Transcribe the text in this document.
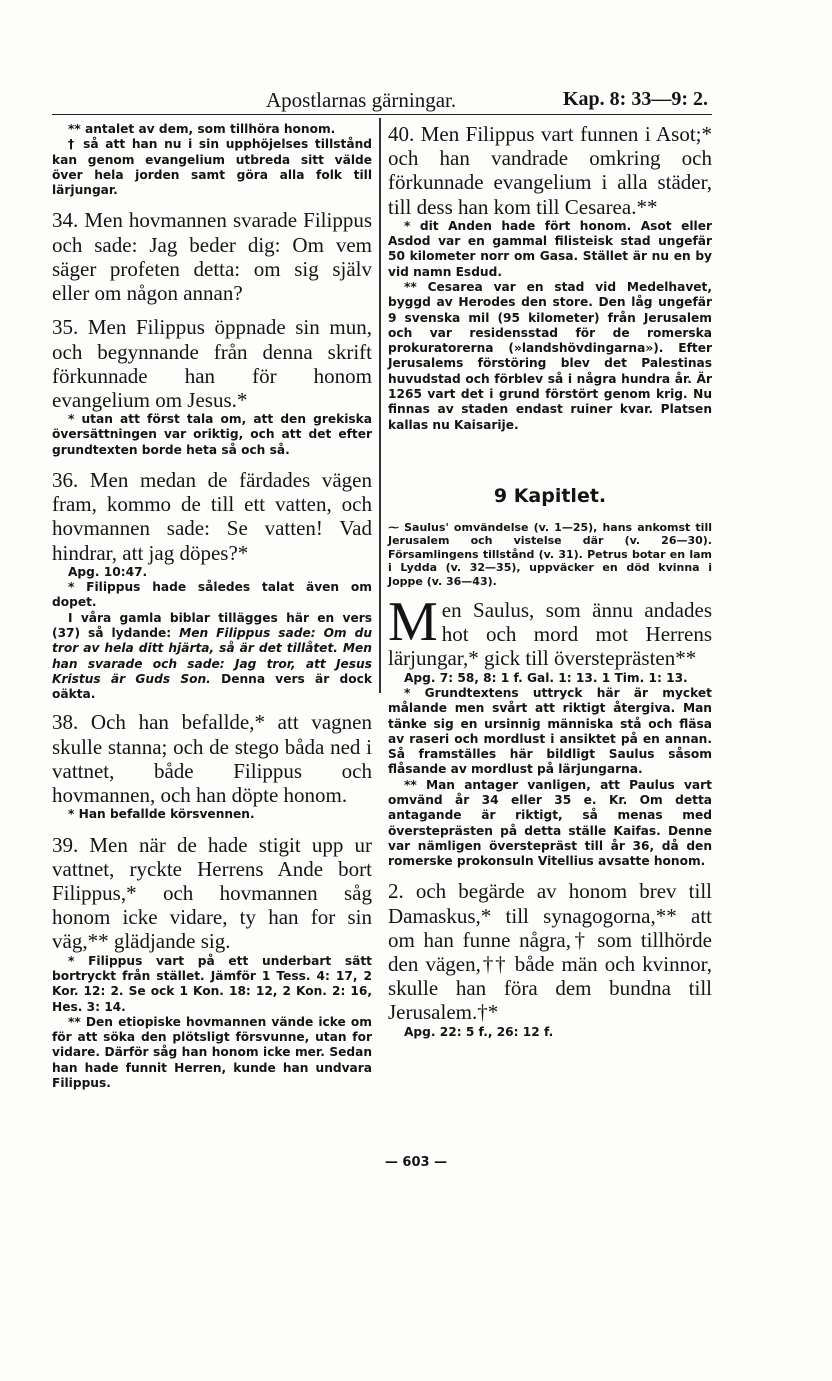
Apostlarnas gärningar.	Kap. 8: 33—9: 2.

** antalet av dem, som tillhöra honom.

† så att han nu i sin upphöjelses tillstånd kan genom evangelium utbreda sitt välde över hela jorden samt göra alla folk till lärjungar.

34. Men hovmannen svarade Filippus och sade: Jag beder dig: Om vem säger profeten detta: om sig själv eller om någon annan?

35. Men Filippus öppnade sin mun, och begynnande från denna skrift förkunnade han för honom evangelium om Jesus.*

* utan att först tala om, att den grekiska översättningen var oriktig, och att det efter grundtexten borde heta så och så.

36. Men medan de färdades vägen fram, kommo de till ett vatten, och hovmannen sade: Se vatten! Vad hindrar, att jag döpes?*

Apg. 10:47.

* Filippus hade således talat även om dopet.

I våra gamla biblar tillägges här en vers (37) så lydande: Men Filippus sade: Om du tror av hela ditt hjärta, så är det tillåtet. Men han svarade och sade: Jag tror, att Jesus Kristus är Guds Son. Denna vers är dock oäkta.

38. Och han befallde,* att vagnen skulle stanna; och de stego båda ned i vattnet, både Filippus och hovmannen, och han döpte honom.

* Han befallde körsvennen.

39. Men när de hade stigit upp ur vattnet, ryckte Herrens Ande bort Filippus,* och hovmannen såg honom icke vidare, ty han for sin väg,** glädjande sig.

* Filippus vart på ett underbart sätt bortryckt från stället. Jämför 1 Tess. 4: 17, 2 Kor. 12: 2. Se ock 1 Kon. 18: 12, 2 Kon. 2: 16, Hes. 3: 14.

** Den etiopiske hovmannen vände icke om för att söka den plötsligt försvunne, utan for vidare. Därför såg han honom icke mer. Sedan han hade funnit Herren, kunde han undvara Filippus.

40. Men Filippus vart funnen i Asot;* och han vandrade omkring och förkunnade evangelium i alla städer, till dess han kom till Cesarea.**

* dit Anden hade fört honom. Asot eller Asdod var en gammal filisteisk stad ungefär 50 kilometer norr om Gasa. Stället är nu en by vid namn Esdud.

** Cesarea var en stad vid Medelhavet, byggd av Herodes den store. Den låg ungefär 9 svenska mil (95 kilometer) från Jerusalem och var residensstad för de romerska prokuratorerna (»landshövdingarna»). Efter Jerusalems förstöring blev det Palestinas huvudstad och förblev så i några hundra år. Är 1265 vart det i grund förstört genom krig. Nu finnas av staden endast ruiner kvar. Platsen kallas nu Kaisarije.

9 Kapitlet.

⁓ Saulus' omvändelse (v. 1—25), hans ankomst till Jerusalem och vistelse där (v. 26—30). Församlingens tillstånd (v. 31). Petrus botar en lam i Lydda (v. 32—35), uppväcker en död kvinna i Joppe (v. 36—43).

Men Saulus, som ännu andades hot och mord mot Herrens lärjungar,* gick till översteprästen**

Apg. 7: 58, 8: 1 f. Gal. 1: 13. 1 Tim. 1: 13.

* Grundtextens uttryck här är mycket målande men svårt att riktigt återgiva. Man tänke sig en ursinnig människa stå och fläsa av raseri och mordlust i ansiktet på en annan. Så framställes här bildligt Saulus såsom flåsande av mordlust på lärjungarna.

** Man antager vanligen, att Paulus vart omvänd år 34 eller 35 e. Kr. Om detta antagande är riktigt, så menas med översteprästen på detta ställe Kaifas. Denne var nämligen överstepräst till år 36, då den romerske prokonsuln Vitellius avsatte honom.

2. och begärde av honom brev till Damaskus,* till synagogorna,** att om han funne några,† som tillhörde den vägen,†† både män och kvinnor, skulle han föra dem bundna till Jerusalem.†*

Apg. 22: 5 f., 26: 12 f.

— 603 —
